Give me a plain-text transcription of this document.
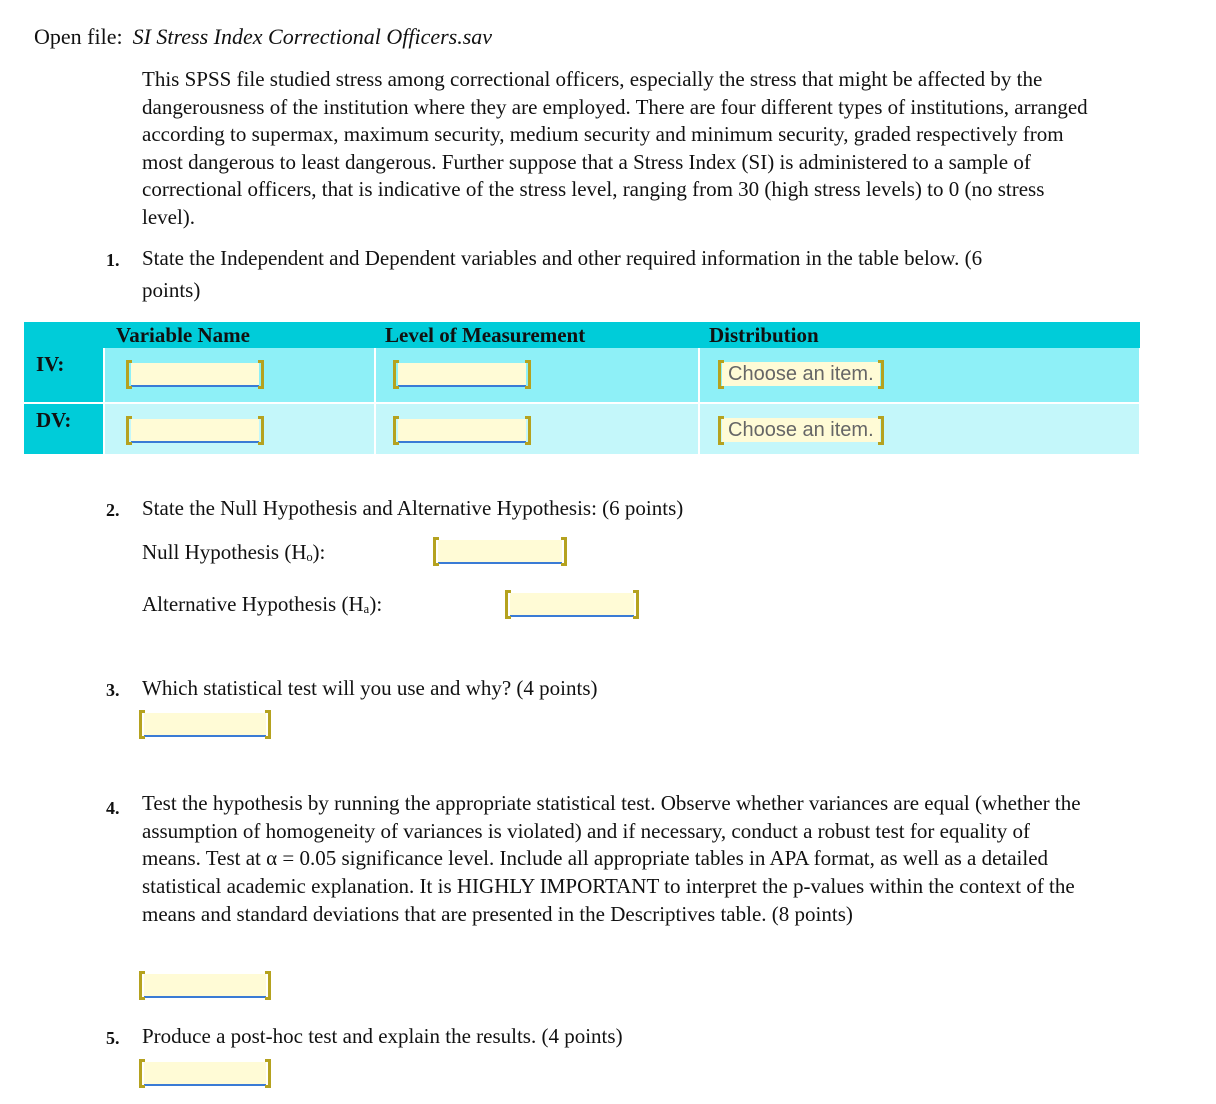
Open file: SI Stress Index Correctional Officers.sav
This SPSS file studied stress among correctional officers, especially the stress that might be affected by the dangerousness of the institution where they are employed. There are four different types of institutions, arranged according to supermax, maximum security, medium security and minimum security, graded respectively from most dangerous to least dangerous. Further suppose that a Stress Index (SI) is administered to a sample of correctional officers, that is indicative of the stress level, ranging from 30 (high stress levels) to 0 (no stress level).
1. State the Independent and Dependent variables and other required information in the table below. (6 points)
	Variable Name	Level of Measurement	Distribution
IV:			Choose an item.

DV:			Choose an item.
2. State the Null Hypothesis and Alternative Hypothesis: (6 points)
Null Hypothesis (Hₒ):
Alternative Hypothesis (Hₐ):
3. Which statistical test will you use and why? (4 points)
4. Test the hypothesis by running the appropriate statistical test. Observe whether variances are equal (whether the assumption of homogeneity of variances is violated) and if necessary, conduct a robust test for equality of means. Test at α = 0.05 significance level. Include all appropriate tables in APA format, as well as a detailed statistical academic explanation. It is HIGHLY IMPORTANT to interpret the p-values within the context of the means and standard deviations that are presented in the Descriptives table. (8 points)
5. Produce a post-hoc test and explain the results. (4 points)
